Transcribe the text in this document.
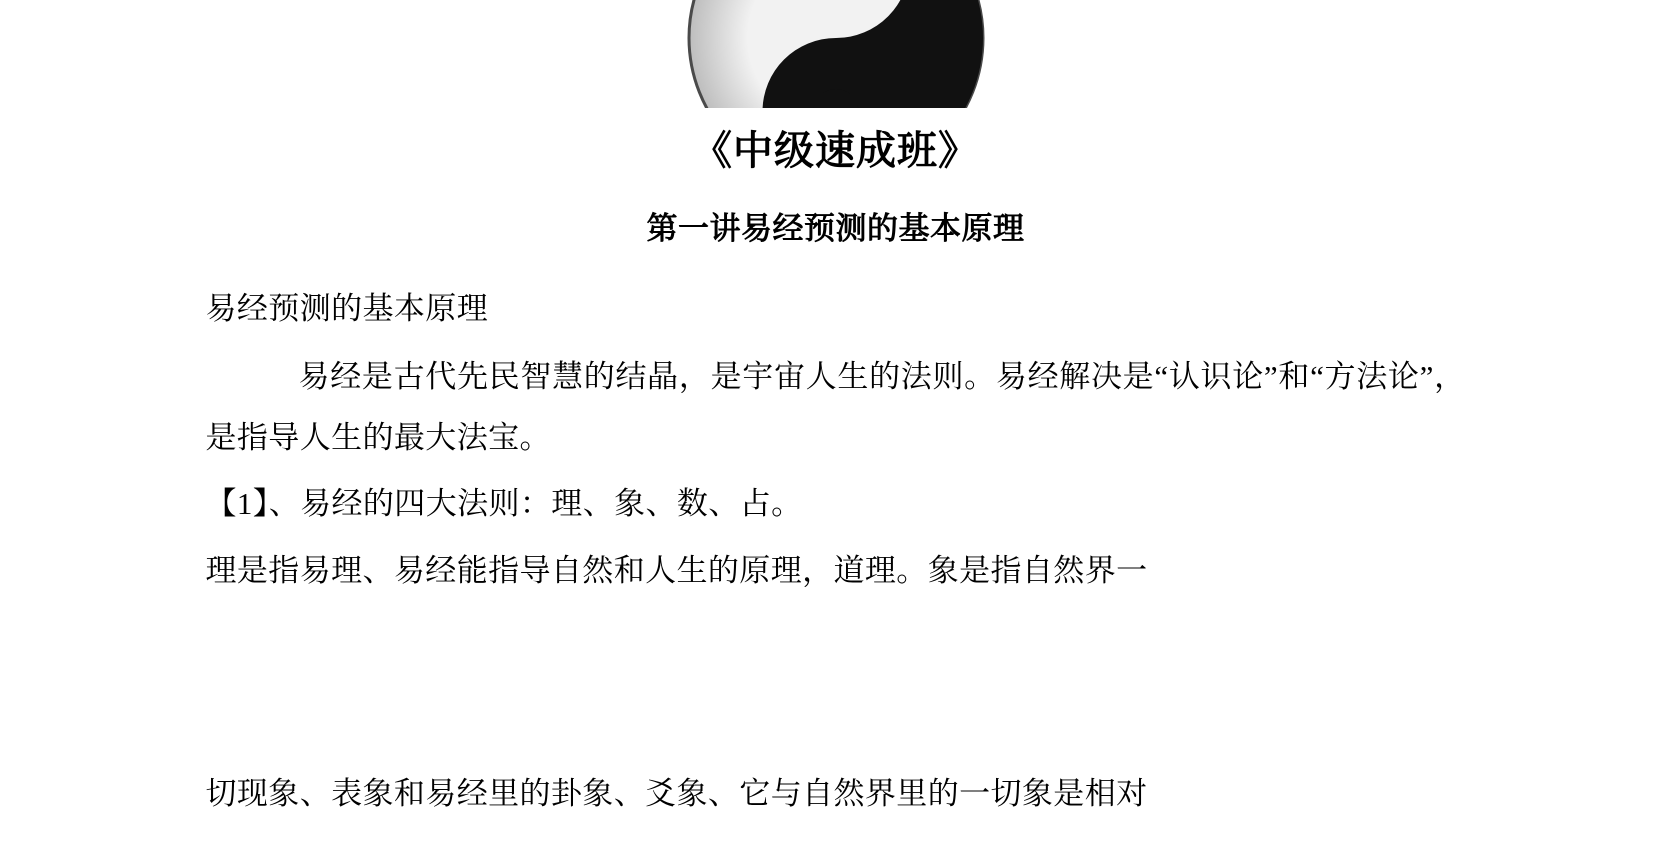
《中级速成班》
第一讲易经预测的基本原理

易经预测的基本原理

易经是古代先民智慧的结晶，是宇宙人生的法则。易经解决是“认识论”和“方法论”，是指导人生的最大法宝。

【1】、易经的四大法则：理、象、数、占。

理是指易理、易经能指导自然和人生的原理，道理。象是指自然界一

切现象、表象和易经里的卦象、爻象、它与自然界里的一切象是相对
